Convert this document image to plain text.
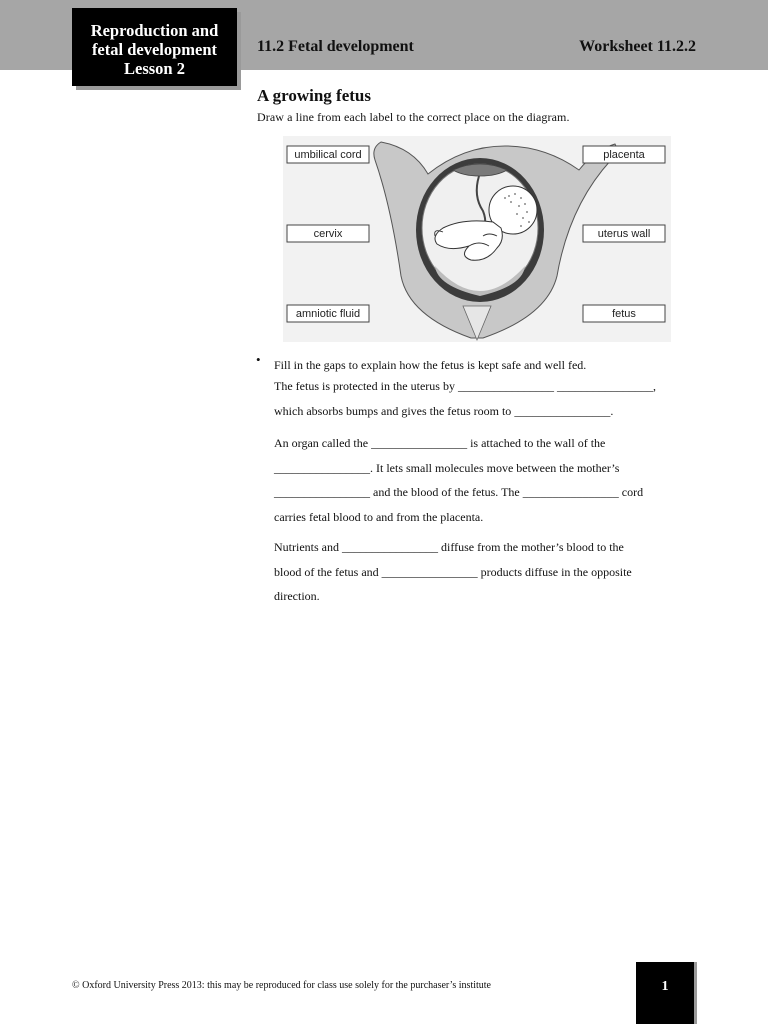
Reproduction and
fetal development
Lesson 2
11.2 Fetal development	Worksheet 11.2.2
A growing fetus
Draw a line from each label to the correct place on the diagram.
umbilical cord
cervix
amniotic fluid
placenta
uterus wall
fetus
• Fill in the gaps to explain how the fetus is kept safe and well fed.
The fetus is protected in the uterus by ________________ ________________,
which absorbs bumps and gives the fetus room to ________________.
An organ called the ________________ is attached to the wall of the
________________. It lets small molecules move between the mother’s
________________ and the blood of the fetus. The ________________ cord
carries fetal blood to and from the placenta.
Nutrients and ________________ diffuse from the mother’s blood to the
blood of the fetus and ________________ products diffuse in the opposite
direction.
© Oxford University Press 2013: this may be reproduced for class use solely for the purchaser’s institute	1
